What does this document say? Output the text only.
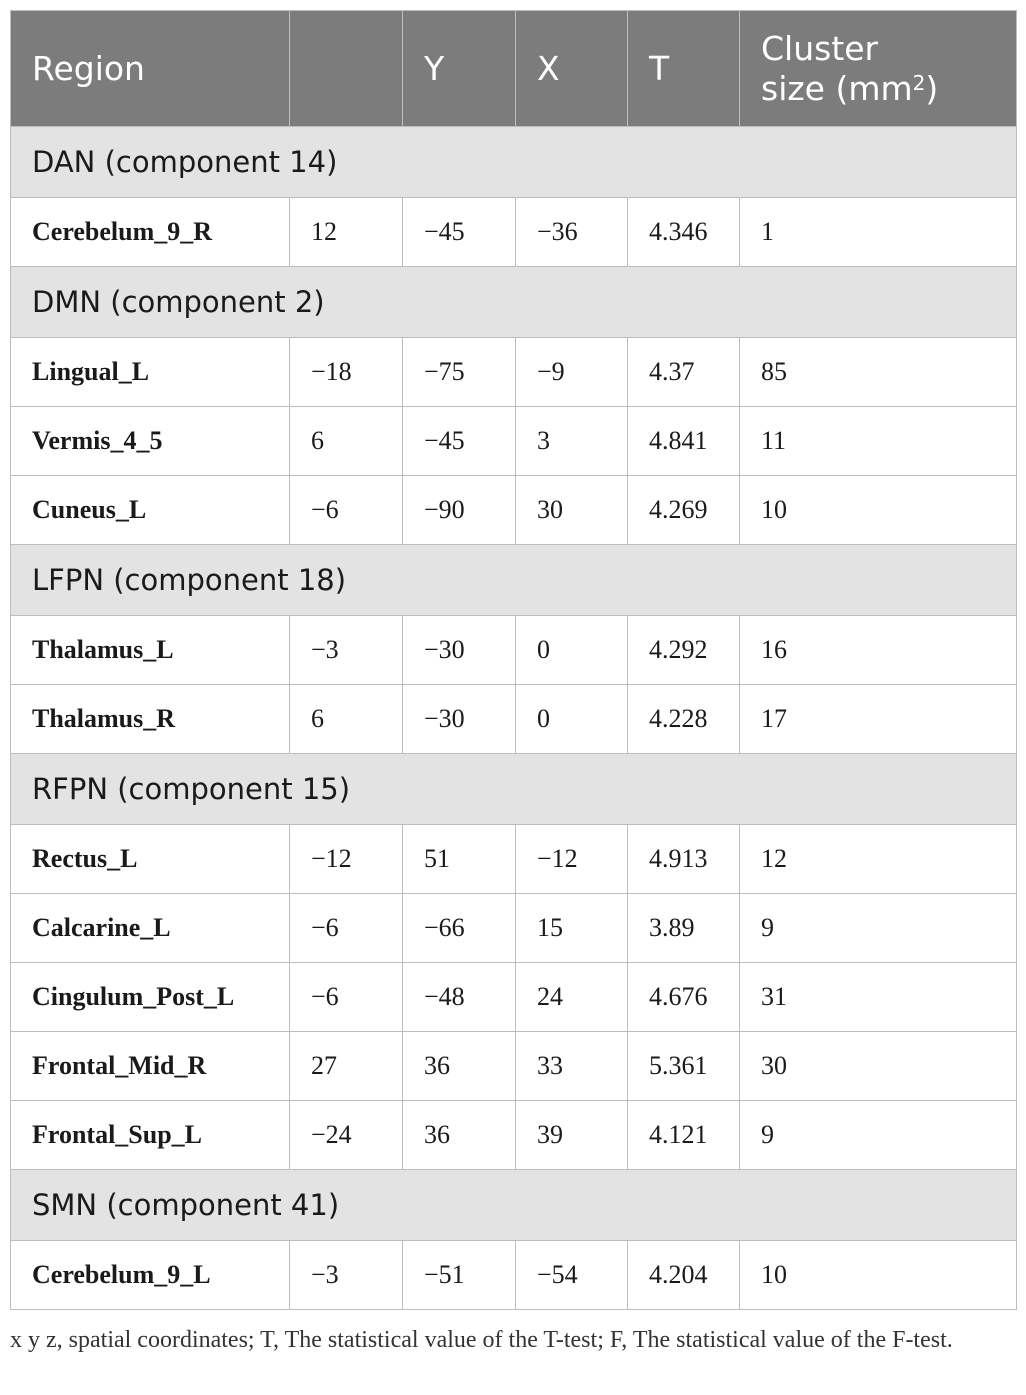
Region		Y	X	T	Cluster
size $(mm^2)$
DAN (component 14)					
Cerebelum_9_R	12	−45	−36	4.346	1
DMN (component 2)					
Lingual_L	−18	−75	−9	4.37	85
Vermis_4_5	6	−45	3	4.841	11
Cuneus_L	−6	−90	30	4.269	10
LFPN (component 18)					
Thalamus_L	−3	−30	0	4.292	16
Thalamus_R	6	−30	0	4.228	17
RFPN (component 15)					
Rectus_L	−12	51	−12	4.913	12
Calcarine_L	−6	−66	15	3.89	9
Cingulum_Post_L	−6	−48	24	4.676	31
Frontal_Mid_R	27	36	33	5.361	30
Frontal_Sup_L	−24	36	39	4.121	9
SMN (component 41)					
Cerebelum_9_L	−3	−51	−54	4.204	10
x y z, spatial coordinates; T, The statistical value of the T-test; F, The statistical value of the F-test.
